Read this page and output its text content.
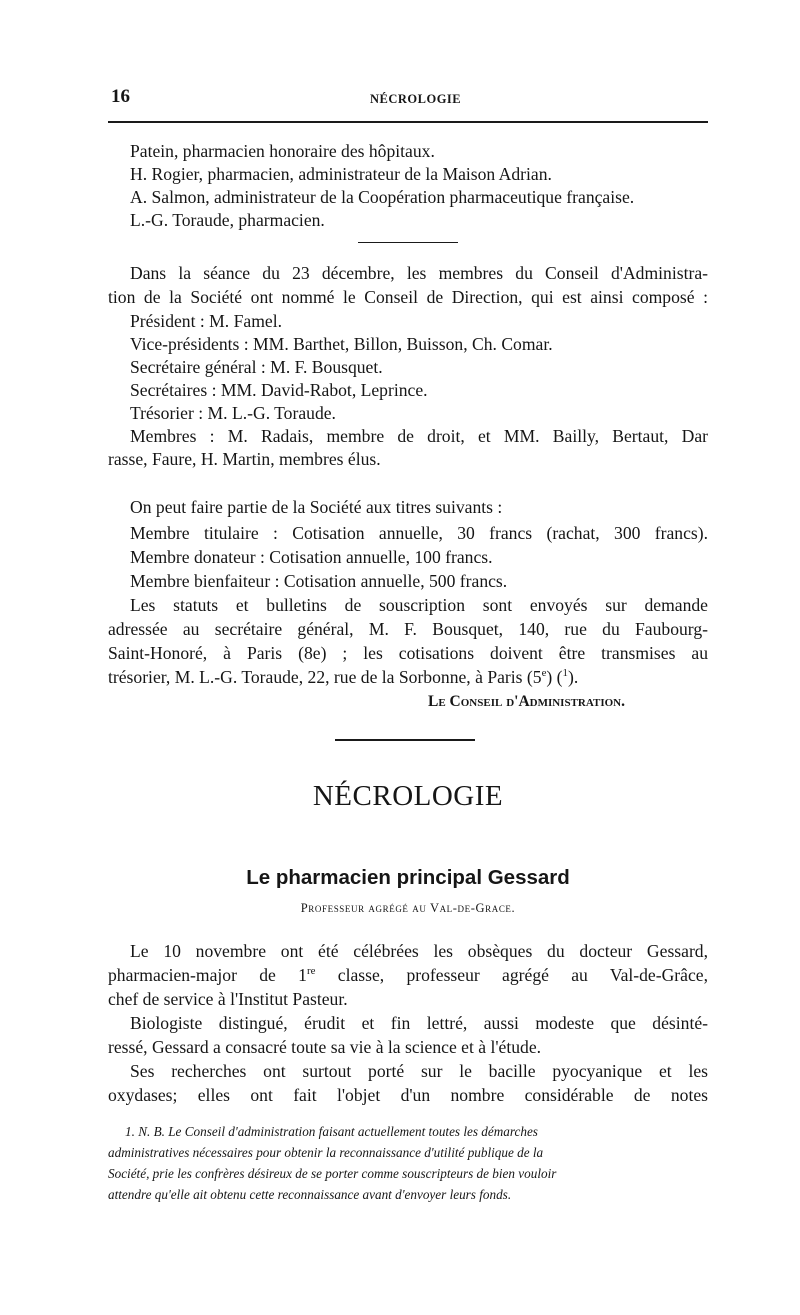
16	NÉCROLOGIE
Patein, pharmacien honoraire des hôpitaux.
H. Rogier, pharmacien, administrateur de la Maison Adrian.
A. Salmon, administrateur de la Coopération pharmaceutique française.
L.-G. Toraude, pharmacien.
Dans la séance du 23 décembre, les membres du Conseil d'Administra-
tion de la Société ont nommé le Conseil de Direction, qui est ainsi composé :
Président : M. Famel.
Vice-présidents : MM. Barthet, Billon, Buisson, Ch. Comar.
Secrétaire général : M. F. Bousquet.
Secrétaires : MM. David-Rabot, Leprince.
Trésorier : M. L.-G. Toraude.
Membres : M. Radais, membre de droit, et MM. Bailly, Bertaut, Dar
rasse, Faure, H. Martin, membres élus.
On peut faire partie de la Société aux titres suivants :
Membre titulaire : Cotisation annuelle, 30 francs (rachat, 300 francs).
Membre donateur : Cotisation annuelle, 100 francs.
Membre bienfaiteur : Cotisation annuelle, 500 francs.
Les statuts et bulletins de souscription sont envoyés sur demande
adressée au secrétaire général, M. F. Bousquet, 140, rue du Faubourg-
Saint-Honoré, à Paris (8e) ; les cotisations doivent être transmises au
trésorier, M. L.-G. Toraude, 22, rue de la Sorbonne, à Paris (5e) ($^1$).
Le Conseil d'Administration.
NÉCROLOGIE
Le pharmacien principal Gessard
Professeur agrégé au Val-de-Grace.
Le 10 novembre ont été célébrées les obsèques du docteur Gessard,
pharmacien-major de 1re classe, professeur agrégé au Val-de-Grâce,
chef de service à l'Institut Pasteur.
Biologiste distingué, érudit et fin lettré, aussi modeste que désinté-
ressé, Gessard a consacré toute sa vie à la science et à l'étude.
Ses recherches ont surtout porté sur le bacille pyocyanique et les
oxydases; elles ont fait l'objet d'un nombre considérable de notes
1. N. B. Le Conseil d'administration faisant actuellement toutes les démarches
administratives nécessaires pour obtenir la reconnaissance d'utilité publique de la
Société, prie les confrères désireux de se porter comme souscripteurs de bien vouloir
attendre qu'elle ait obtenu cette reconnaissance avant d'envoyer leurs fonds.
